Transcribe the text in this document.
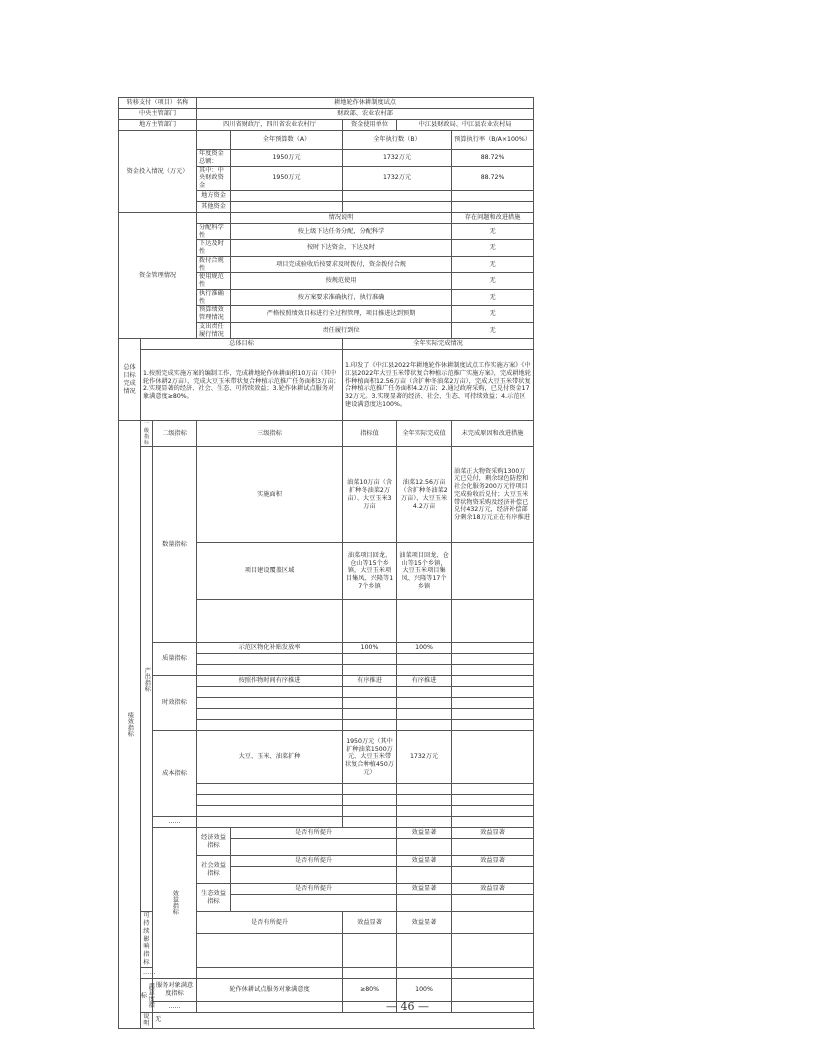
转移支付（项目）名称			耕地轮作休耕制度试点					
中央主管部门			财政部、农业农村部					
地方主管部门			四川省财政厅，四川省农业农村厅		资金使用单位	中江县财政局、中江县农业农村局		
资金投入情况（万元）				全年预算数（A）	全年执行数（B）		预算执行率（B/A×100%）	
			年度资金总额：	1950万元	1732万元		88.72%	
			其中：中央财政资金	1950万元	1732万元		88.72%	
			地方资金					
			其他资金					
资金管理情况				情况说明			存在问题和改进措施	
			分配科学性	按上级下达任务分配，分配科学			无	
			下达及时性	按时下达资金，下达及时			无	
			拨付合规性	项目完成验收后按要求及时拨付，资金拨付合规			无	
			使用规范性	按规范使用			无	
			执行准确性	按方案要求准确执行，执行准确			无	
			预算绩效管理情况	严格按照绩效目标进行全过程管理，项目推进达到预期			无	
			支出责任履行情况	责任履行到位			无	
总体目标完成情况	总体目标				全年实际完成情况			
	1.按照完成实施方案的编制工作，完成耕地轮作休耕面积10万亩（其中轮作休耕2万亩），完成大豆玉米带状复合种植示范推广任务面积3万亩；2.实现显著的经济、社会、生态、可持续效益；3.轮作休耕试点服务对象满意度≥80%。				1.印发了《中江县2022年耕地轮作休耕制度试点工作实施方案》《中江县2022年大豆玉米带状复合种植示范推广实施方案》，完成耕地轮作种植面积12.56万亩（含扩种冬油菜2万亩），完成大豆玉米带状复合种植示范推广任务面积4.2万亩；2.通过政府采购，已兑付资金1732万元。3.实现显著的经济、社会、生态、可持续效益；4.示范区建设满意度达100%。			
绩效指标	一级指标	二级指标	三级指标		指标值	全年实际完成值	未完成原因和改进措施	
	产出指标	数量指标	实施面积		油菜10万亩（含扩种冬油菜2万亩）、大豆玉米3万亩	油菜12.56万亩（含扩种冬油菜2万亩）、大豆玉米4.2万亩	油菜正大物资采购1300万元已兑付，剩余绿色防控和社会化服务200万元待项目完成验收后兑付；大豆玉米带状物资采购及经济补偿已兑付432万元，经济补偿部分剩余18万元正在有序推进	
			项目建设覆盖区域		油菜项目回龙、仓山等15个乡镇，大豆玉米项目集凤、兴隆等17个乡镇	油菜项目回龙、仓山等15个乡镇，大豆玉米项目集凤、兴隆等17个乡镇		

		质量指标	示范区物化补贴发放率		100%	100%		

		时效指标	按照作物时间有序推进		有序推进	有序推进		

		成本指标	大豆、玉米、油菜扩种		1950万元（其中扩种油菜1500万元、大豆玉米带状复合种植450万元）	1732万元		

		……						
		效益指标	经济效益指标	是否有所提升		效益显著	效益显著	

			社会效益指标	是否有所提升		效益显著	效益显著	

			生态效益指标	是否有所提升		效益显著	效益显著	

	可持续影响指标		是否有所提升		效益显著	效益显著		

	……							
	满意度指标	服务对象满意度指标	轮作休耕试点服务对象满意度		≥80%	100%		
		……						
	说明	无						
— 46 —
